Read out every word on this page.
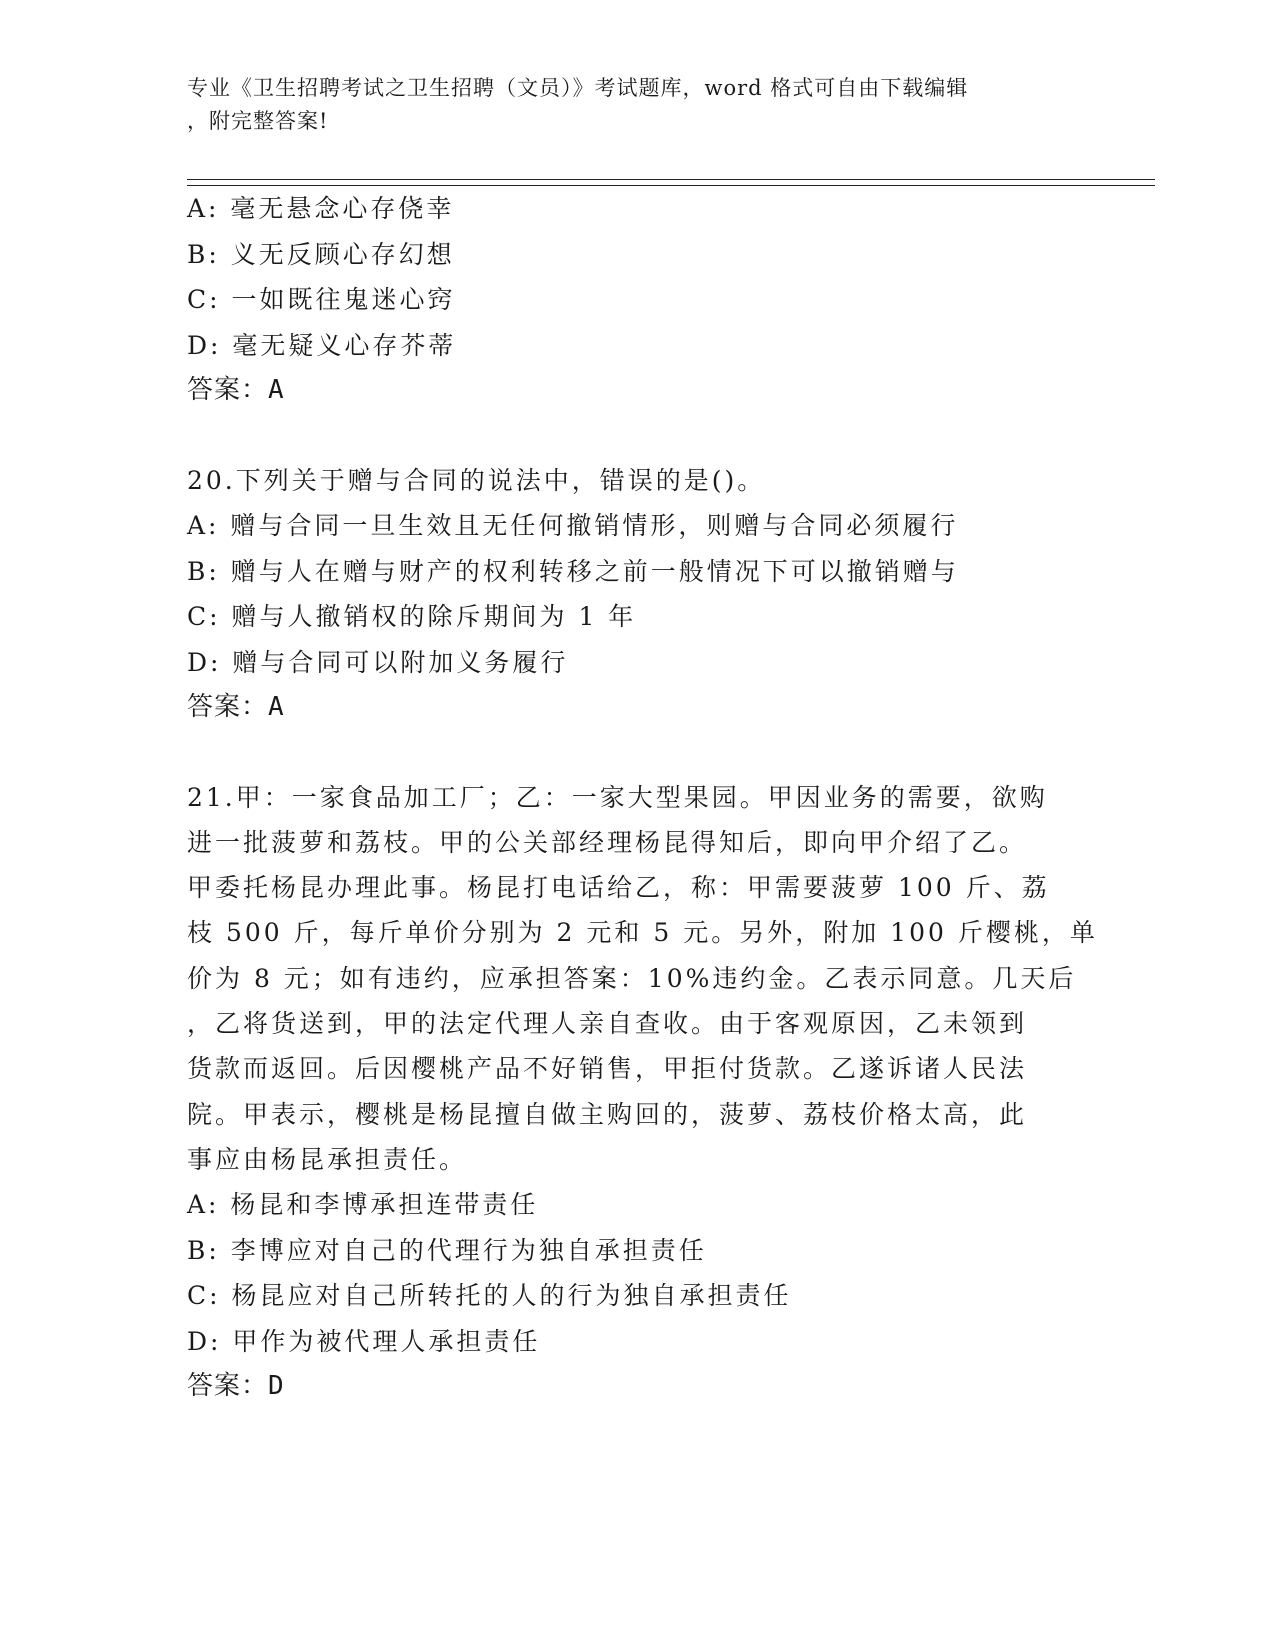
专业《卫生招聘考试之卫生招聘（文员）》考试题库，word 格式可自由下载编辑
，附完整答案!
A: 毫无悬念心存侥幸
B: 义无反顾心存幻想
C: 一如既往鬼迷心窍
D: 毫无疑义心存芥蒂
答案：A
20.下列关于赠与合同的说法中，错误的是()。
A: 赠与合同一旦生效且无任何撤销情形，则赠与合同必须履行
B: 赠与人在赠与财产的权利转移之前一般情况下可以撤销赠与
C: 赠与人撤销权的除斥期间为 1 年
D: 赠与合同可以附加义务履行
答案：A
21.甲：一家食品加工厂；乙：一家大型果园。甲因业务的需要，欲购
进一批菠萝和荔枝。甲的公关部经理杨昆得知后，即向甲介绍了乙。
甲委托杨昆办理此事。杨昆打电话给乙，称：甲需要菠萝 100 斤、荔
枝 500 斤，每斤单价分别为 2 元和 5 元。另外，附加 100 斤樱桃，单
价为 8 元；如有违约，应承担答案：10%违约金。乙表示同意。几天后
，乙将货送到，甲的法定代理人亲自查收。由于客观原因，乙未领到
货款而返回。后因樱桃产品不好销售，甲拒付货款。乙遂诉诸人民法
院。甲表示，樱桃是杨昆擅自做主购回的，菠萝、荔枝价格太高，此
事应由杨昆承担责任。
A: 杨昆和李博承担连带责任
B: 李博应对自己的代理行为独自承担责任
C: 杨昆应对自己所转托的人的行为独自承担责任
D: 甲作为被代理人承担责任
答案：D
